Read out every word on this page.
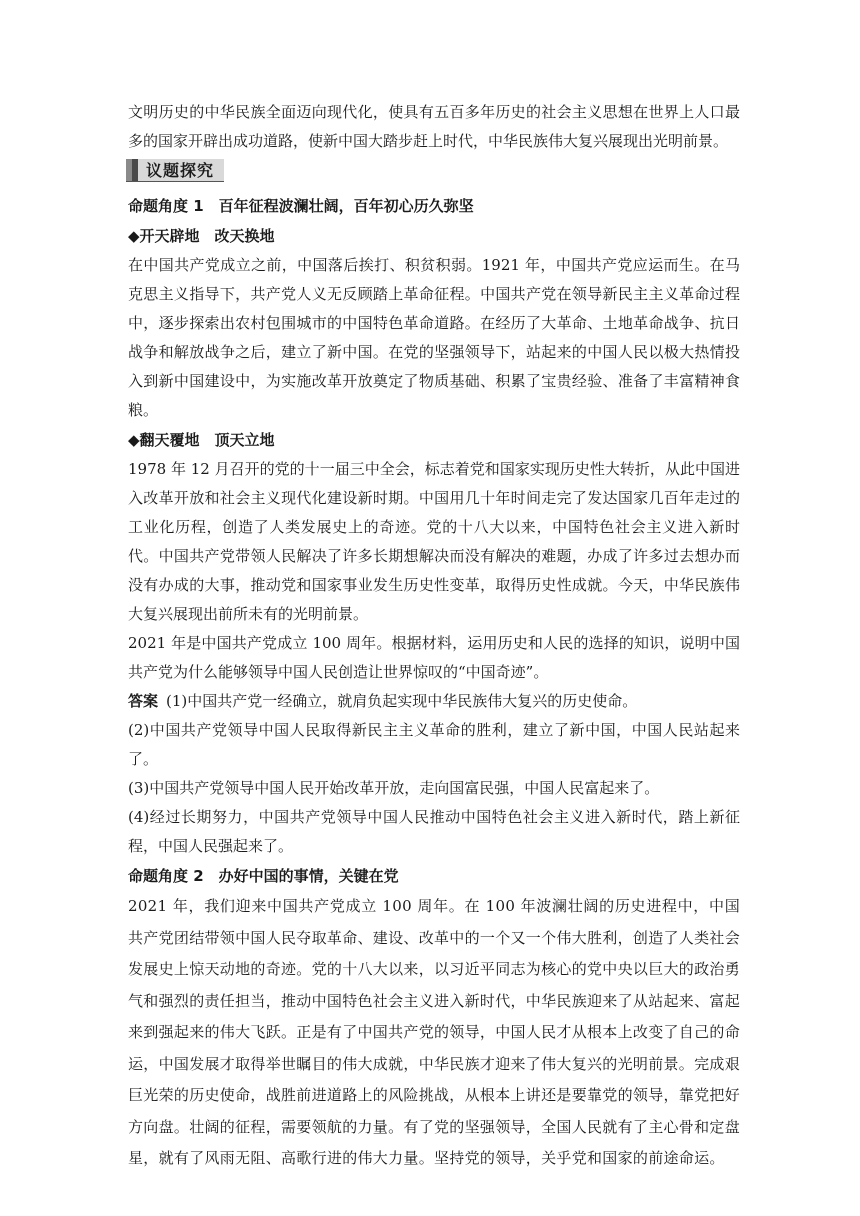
文明历史的中华民族全面迈向现代化，使具有五百多年历史的社会主义思想在世界上人口最多的国家开辟出成功道路，使新中国大踏步赶上时代，中华民族伟大复兴展现出光明前景。

议题探究

命题角度 1　百年征程波澜壮阔，百年初心历久弥坚

◆开天辟地　改天换地

在中国共产党成立之前，中国落后挨打、积贫积弱。1921 年，中国共产党应运而生。在马克思主义指导下，共产党人义无反顾踏上革命征程。中国共产党在领导新民主主义革命过程中，逐步探索出农村包围城市的中国特色革命道路。在经历了大革命、土地革命战争、抗日战争和解放战争之后，建立了新中国。在党的坚强领导下，站起来的中国人民以极大热情投入到新中国建设中，为实施改革开放奠定了物质基础、积累了宝贵经验、准备了丰富精神食粮。

◆翻天覆地　顶天立地

1978 年 12 月召开的党的十一届三中全会，标志着党和国家实现历史性大转折，从此中国进入改革开放和社会主义现代化建设新时期。中国用几十年时间走完了发达国家几百年走过的工业化历程，创造了人类发展史上的奇迹。党的十八大以来，中国特色社会主义进入新时代。中国共产党带领人民解决了许多长期想解决而没有解决的难题，办成了许多过去想办而没有办成的大事，推动党和国家事业发生历史性变革，取得历史性成就。今天，中华民族伟大复兴展现出前所未有的光明前景。

2021 年是中国共产党成立 100 周年。根据材料，运用历史和人民的选择的知识，说明中国共产党为什么能够领导中国人民创造让世界惊叹的“中国奇迹”。

答案 (1)中国共产党一经确立，就肩负起实现中华民族伟大复兴的历史使命。

(2)中国共产党领导中国人民取得新民主主义革命的胜利，建立了新中国，中国人民站起来了。

(3)中国共产党领导中国人民开始改革开放，走向国富民强，中国人民富起来了。

(4)经过长期努力，中国共产党领导中国人民推动中国特色社会主义进入新时代，踏上新征程，中国人民强起来了。

命题角度 2　办好中国的事情，关键在党

2021 年，我们迎来中国共产党成立 100 周年。在 100 年波澜壮阔的历史进程中，中国共产党团结带领中国人民夺取革命、建设、改革中的一个又一个伟大胜利，创造了人类社会发展史上惊天动地的奇迹。党的十八大以来，以习近平同志为核心的党中央以巨大的政治勇气和强烈的责任担当，推动中国特色社会主义进入新时代，中华民族迎来了从站起来、富起来到强起来的伟大飞跃。正是有了中国共产党的领导，中国人民才从根本上改变了自己的命运，中国发展才取得举世瞩目的伟大成就，中华民族才迎来了伟大复兴的光明前景。完成艰巨光荣的历史使命，战胜前进道路上的风险挑战，从根本上讲还是要靠党的领导，靠党把好方向盘。壮阔的征程，需要领航的力量。有了党的坚强领导，全国人民就有了主心骨和定盘星，就有了风雨无阻、高歌行进的伟大力量。坚持党的领导，关乎党和国家的前途命运。
